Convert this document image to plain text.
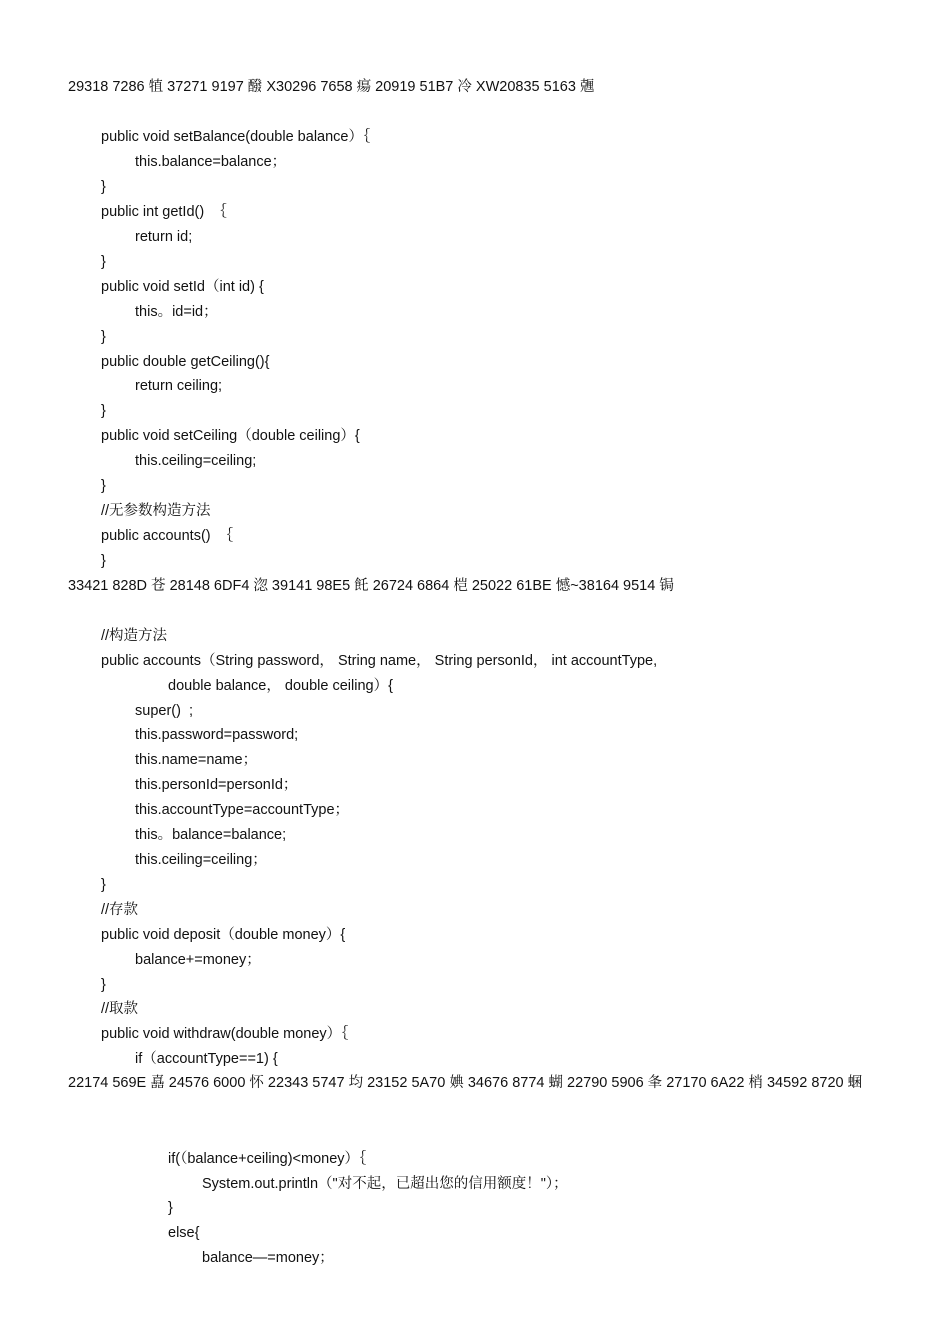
29318 7286 犆 37271 9197 醱 X30296 7658 瘍 20919 51B7 冷 XW20835 5163 兣
public void setBalance(double balance）｛
this.balance=balance；
}
public int getId()  ｛
return id;
}
public void setId（int id) {
this。id=id；
}
public double getCeiling(){
return ceiling;
}
public void setCeiling（double ceiling）{
this.ceiling=ceiling;
}
//无参数构造方法
public accounts()  ｛
}
33421 828D 苍 28148 6DF4 淴 39141 98E5 飥 26724 6864 桤 25022 61BE 憾~38164 9514 锔
//构造方法
public accounts（String password， String name， String personId， int accountType,
double balance， double ceiling）{
super()  ;
this.password=password;
this.name=name；
this.personId=personId；
this.accountType=accountType；
this。balance=balance;
this.ceiling=ceiling；
}
//存款
public void deposit（double money）{
balance+=money；
}
//取款
public void withdraw(double money）｛
if（accountType==1) {
22174 569E 嚞 24576 6000 怀 22343 5747 均 23152 5A70 婰 34676 8774 蝴 22790 5906 夆 27170 6A22 梢 34592 8720 蜠
if(（balance+ceiling)<money）｛
System.out.println（"对不起，已超出您的信用额度！"）；
}
else{
balance—=money；
